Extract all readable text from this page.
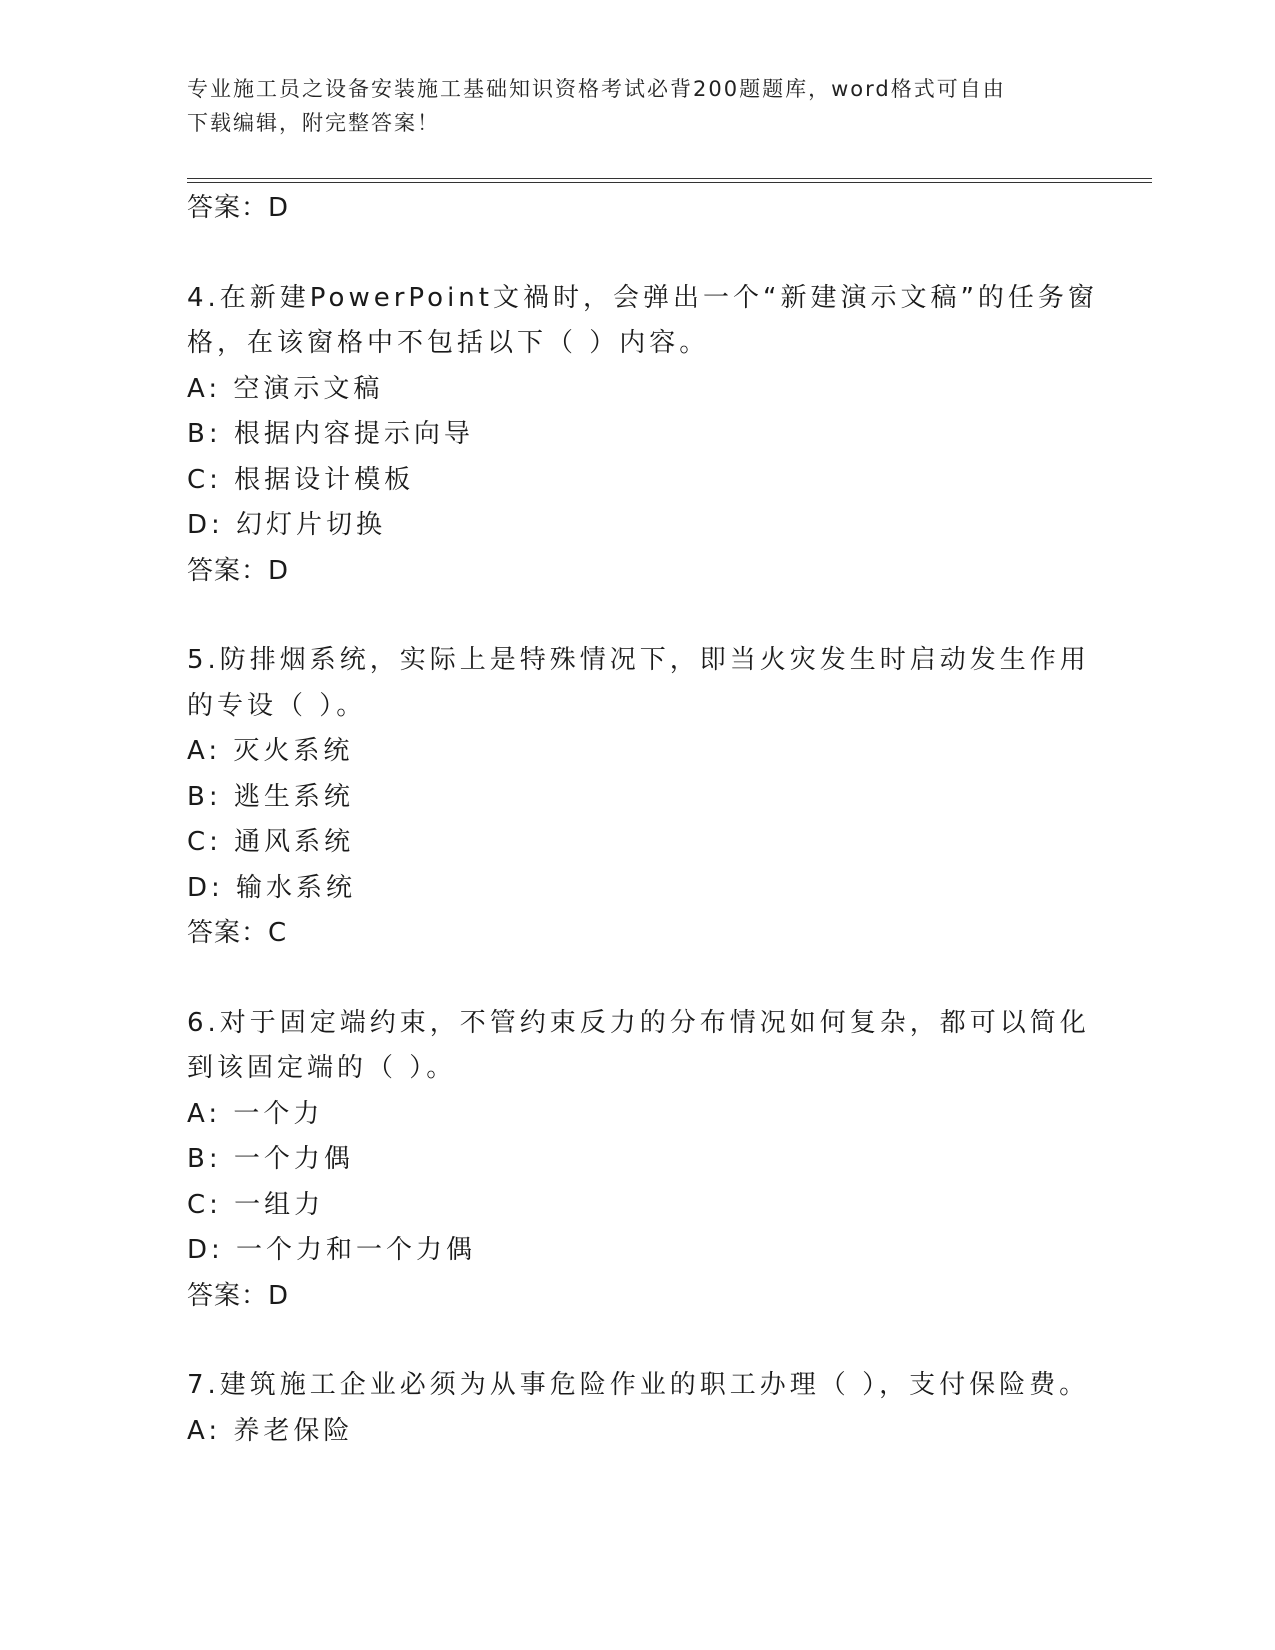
专业施工员之设备安装施工基础知识资格考试必背200题题库，word格式可自由
下载编辑，附完整答案！
答案：D
4.在新建PowerPoint文禍时，会弹出一个“新建演示文稿”的任务窗
格，在该窗格中不包括以下（ ）内容。
A: 空演示文稿
B: 根据内容提示向导
C: 根据设计模板
D: 幻灯片切换
答案：D
5.防排烟系统，实际上是特殊情况下，即当火灾发生时启动发生作用
的专设（ ）。
A: 灭火系统
B: 逃生系统
C: 通风系统
D: 输水系统
答案：C
6.对于固定端约束，不管约束反力的分布情况如何复杂，都可以简化
到该固定端的（ ）。
A: 一个力
B: 一个力偶
C: 一组力
D: 一个力和一个力偶
答案：D
7.建筑施工企业必须为从事危险作业的职工办理（ ），支付保险费。
A: 养老保险
